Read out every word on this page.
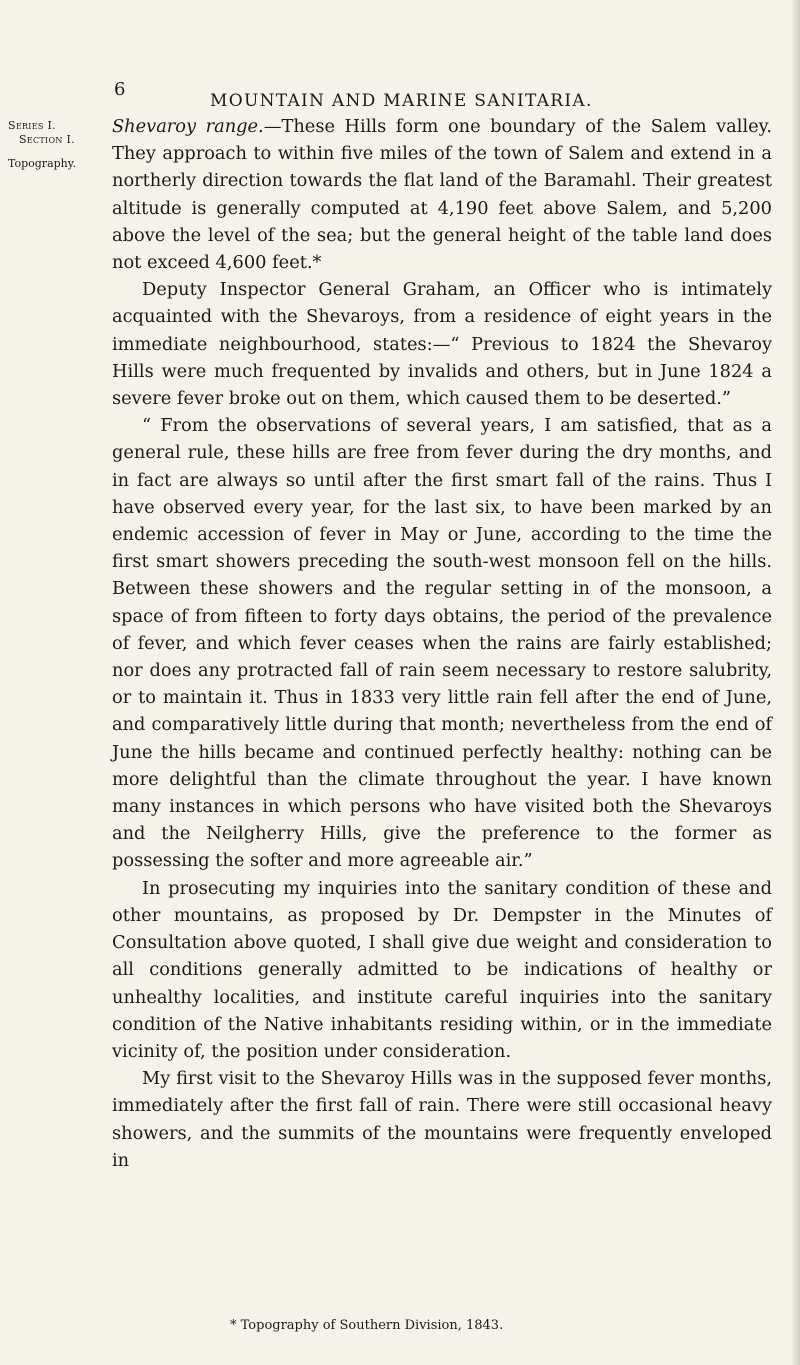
6
MOUNTAIN AND MARINE SANITARIA.
Series I.
Section I.
Topography.

Shevaroy range.—These Hills form one boundary of the Salem valley. They approach to within five miles of the town of Salem and extend in a northerly direction towards the flat land of the Baramahl. Their greatest altitude is generally computed at 4,190 feet above Salem, and 5,200 above the level of the sea; but the general height of the table land does not exceed 4,600 feet.*

Deputy Inspector General Graham, an Officer who is intimately acquainted with the Shevaroys, from a residence of eight years in the immediate neighbourhood, states:—“ Previous to 1824 the Shevaroy Hills were much frequented by invalids and others, but in June 1824 a severe fever broke out on them, which caused them to be deserted.”

“ From the observations of several years, I am satisfied, that as a general rule, these hills are free from fever during the dry months, and in fact are always so until after the first smart fall of the rains. Thus I have observed every year, for the last six, to have been marked by an endemic accession of fever in May or June, according to the time the first smart showers preceding the south-west monsoon fell on the hills. Between these showers and the regular setting in of the monsoon, a space of from fifteen to forty days obtains, the period of the prevalence of fever, and which fever ceases when the rains are fairly established; nor does any protracted fall of rain seem necessary to restore salubrity, or to maintain it. Thus in 1833 very little rain fell after the end of June, and comparatively little during that month; nevertheless from the end of June the hills became and continued perfectly healthy: nothing can be more delightful than the climate throughout the year. I have known many instances in which persons who have visited both the Shevaroys and the Neilgherry Hills, give the preference to the former as possessing the softer and more agreeable air.”

In prosecuting my inquiries into the sanitary condition of these and other mountains, as proposed by Dr. Dempster in the Minutes of Consultation above quoted, I shall give due weight and consideration to all conditions generally admitted to be indications of healthy or unhealthy localities, and institute careful inquiries into the sanitary condition of the Native inhabitants residing within, or in the immediate vicinity of, the position under consideration.

My first visit to the Shevaroy Hills was in the supposed fever months, immediately after the first fall of rain. There were still occasional heavy showers, and the summits of the mountains were frequently enveloped in

* Topography of Southern Division, 1843.
